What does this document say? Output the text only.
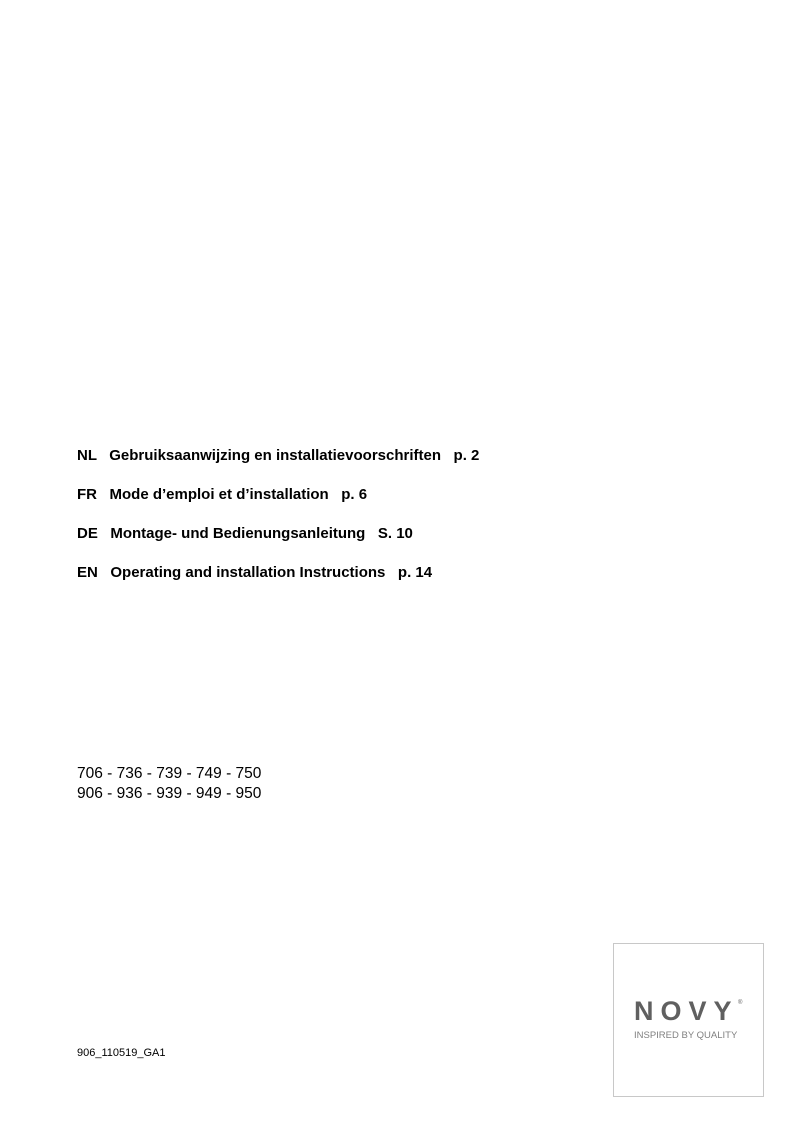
NL Gebruiksaanwijzing en installatievoorschriften p. 2
FR Mode d’emploi et d’installation p. 6
DE Montage- und Bedienungsanleitung S. 10
EN Operating and installation Instructions p. 14
706 - 736 - 739 - 749 - 750
906 - 936 - 939 - 949 - 950
906_110519_GA1
NOVY ®
INSPIRED BY QUALITY
